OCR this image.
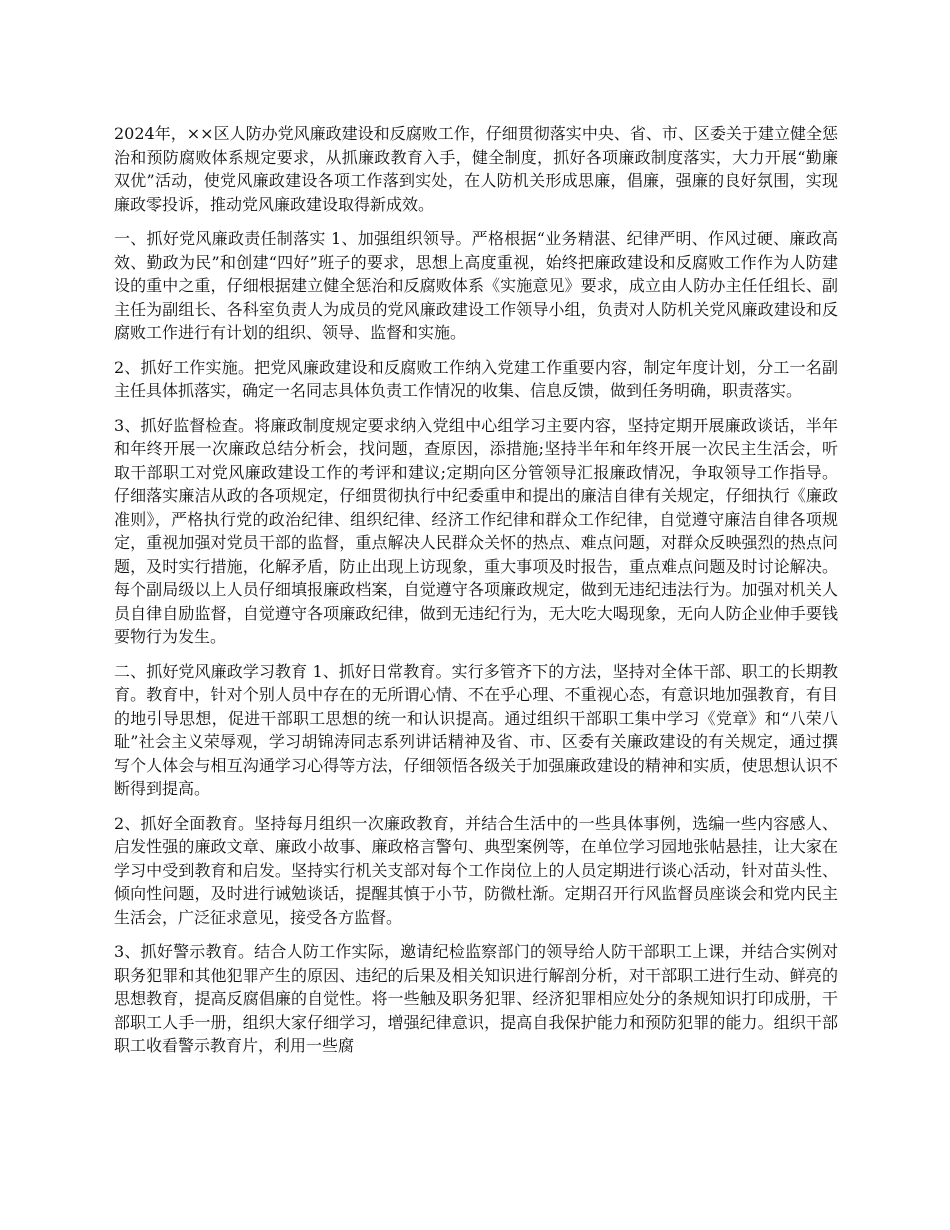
2024年，××区人防办党风廉政建设和反腐败工作，仔细贯彻落实中央、省、市、区委关于建立健全惩治和预防腐败体系规定要求，从抓廉政教育入手，健全制度，抓好各项廉政制度落实，大力开展“勤廉双优”活动，使党风廉政建设各项工作落到实处，在人防机关形成思廉，倡廉，强廉的良好氛围，实现廉政零投诉，推动党风廉政建设取得新成效。

一、抓好党风廉政责任制落实 1、加强组织领导。严格根据“业务精湛、纪律严明、作风过硬、廉政高效、勤政为民”和创建“四好”班子的要求，思想上高度重视，始终把廉政建设和反腐败工作作为人防建设的重中之重，仔细根据建立健全惩治和反腐败体系《实施意见》要求，成立由人防办主任任组长、副主任为副组长、各科室负责人为成员的党风廉政建设工作领导小组，负责对人防机关党风廉政建设和反腐败工作进行有计划的组织、领导、监督和实施。

2、抓好工作实施。把党风廉政建设和反腐败工作纳入党建工作重要内容，制定年度计划，分工一名副主任具体抓落实，确定一名同志具体负责工作情况的收集、信息反馈，做到任务明确，职责落实。

3、抓好监督检查。将廉政制度规定要求纳入党组中心组学习主要内容，坚持定期开展廉政谈话，半年和年终开展一次廉政总结分析会，找问题，查原因，添措施;坚持半年和年终开展一次民主生活会，听取干部职工对党风廉政建设工作的考评和建议;定期向区分管领导汇报廉政情况，争取领导工作指导。仔细落实廉洁从政的各项规定，仔细贯彻执行中纪委重申和提出的廉洁自律有关规定，仔细执行《廉政准则》，严格执行党的政治纪律、组织纪律、经济工作纪律和群众工作纪律，自觉遵守廉洁自律各项规定，重视加强对党员干部的监督，重点解决人民群众关怀的热点、难点问题，对群众反映强烈的热点问题，及时实行措施，化解矛盾，防止出现上访现象，重大事项及时报告，重点难点问题及时讨论解决。每个副局级以上人员仔细填报廉政档案，自觉遵守各项廉政规定，做到无违纪违法行为。加强对机关人员自律自励监督，自觉遵守各项廉政纪律，做到无违纪行为，无大吃大喝现象，无向人防企业伸手要钱要物行为发生。

二、抓好党风廉政学习教育 1、抓好日常教育。实行多管齐下的方法，坚持对全体干部、职工的长期教育。教育中，针对个别人员中存在的无所谓心情、不在乎心理、不重视心态，有意识地加强教育，有目的地引导思想，促进干部职工思想的统一和认识提高。通过组织干部职工集中学习《党章》和“八荣八耻”社会主义荣辱观，学习胡锦涛同志系列讲话精神及省、市、区委有关廉政建设的有关规定，通过撰写个人体会与相互沟通学习心得等方法，仔细领悟各级关于加强廉政建设的精神和实质，使思想认识不断得到提高。

2、抓好全面教育。坚持每月组织一次廉政教育，并结合生活中的一些具体事例，选编一些内容感人、启发性强的廉政文章、廉政小故事、廉政格言警句、典型案例等，在单位学习园地张帖悬挂，让大家在学习中受到教育和启发。坚持实行机关支部对每个工作岗位上的人员定期进行谈心活动，针对苗头性、倾向性问题，及时进行诫勉谈话，提醒其慎于小节，防微杜渐。定期召开行风监督员座谈会和党内民主生活会，广泛征求意见，接受各方监督。

3、抓好警示教育。结合人防工作实际，邀请纪检监察部门的领导给人防干部职工上课，并结合实例对职务犯罪和其他犯罪产生的原因、违纪的后果及相关知识进行解剖分析，对干部职工进行生动、鲜亮的思想教育，提高反腐倡廉的自觉性。将一些触及职务犯罪、经济犯罪相应处分的条规知识打印成册，干部职工人手一册，组织大家仔细学习，增强纪律意识，提高自我保护能力和预防犯罪的能力。组织干部职工收看警示教育片，利用一些腐
